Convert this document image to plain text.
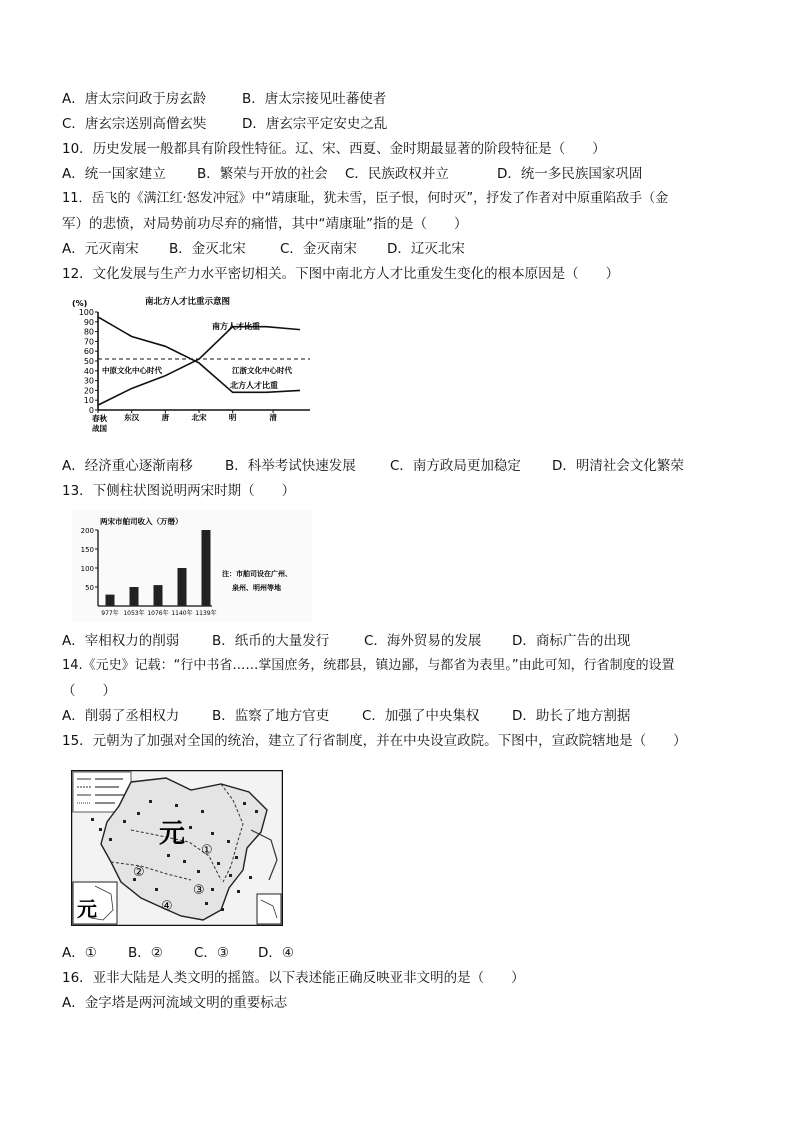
A．唐太宗问政于房玄龄	B．唐太宗接见吐蕃使者
C．唐玄宗送别高僧玄奘	D．唐玄宗平定安史之乱
10．历史发展一般都具有阶段性特征。辽、宋、西夏、金时期最显著的阶段特征是（　　）
A．统一国家建立 B．繁荣与开放的社会 C．民族政权并立	D．统一多民族国家巩固
11．岳飞的《满江红·怒发冲冠》中“靖康耻，犹未雪，臣子恨，何时灭”，抒发了作者对中原重陷敌手（金
军）的悲愤，对局势前功尽弃的痛惜，其中“靖康耻”指的是（　　）
A．元灭南宋 B．金灭北宋	C．金灭南宋 D．辽灭北宋
12．文化发展与生产力水平密切相关。下图中南北方人才比重发生变化的根本原因是（　　）
(%)	南北方人才比重示意图
0
10
20
30
40
50
60
70
80
90
100
春秋
战国
东汉	唐	北宋	明	清
南方人才比重
北方人才比重
中原文化中心时代	江浙文化中心时代
A．经济重心逐渐南移 B．科举考试快速发展	C．南方政局更加稳定 D．明清社会文化繁荣
13．下侧柱状图说明两宋时期（　　）
两宋市舶司收入（万缗）
50
100
150
200
977年 1053年 1076年 1140年 1139年
注：市舶司设在广州、
泉州、明州等地
A．宰相权力的削弱 B．纸币的大量发行	C．海外贸易的发展 D．商标广告的出现
14.《元史》记载：“行中书省……掌国庶务，统郡县，镇边鄙，与都省为表里。”由此可知，行省制度的设置
（　　）
A．削弱了丞相权力 B．监察了地方官吏 C．加强了中央集权 D．助长了地方割据
15．元朝为了加强对全国的统治，建立了行省制度，并在中央设宣政院。下图中，宣政院辖地是（　　）
元
元
①
②
③
④
A．① B．② C．③ D．④
16．亚非大陆是人类文明的摇篮。以下表述能正确反映亚非文明的是（　　）
A．金字塔是两河流域文明的重要标志
